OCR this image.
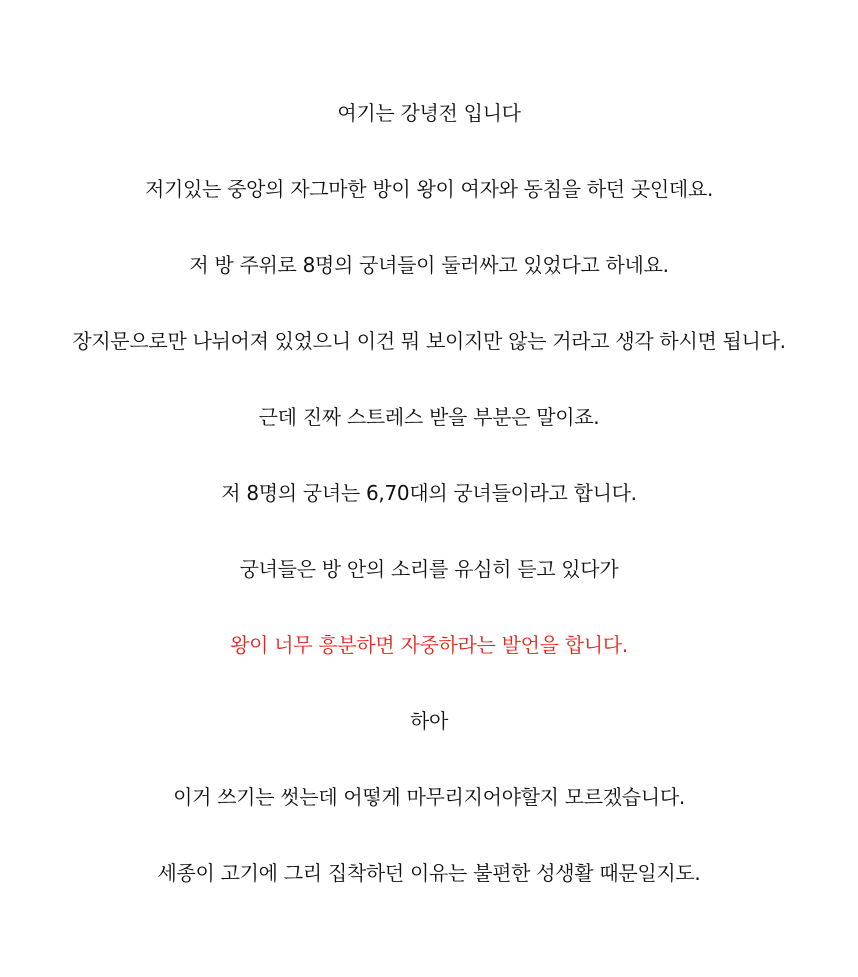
여기는 강녕전 입니다
저기있는 중앙의 자그마한 방이 왕이 여자와 동침을 하던 곳인데요.
저 방 주위로 8명의 궁녀들이 둘러싸고 있었다고 하네요.
장지문으로만 나뉘어져 있었으니 이건 뭐 보이지만 않는 거라고 생각 하시면 됩니다.
근데 진짜 스트레스 받을 부분은 말이죠.
저 8명의 궁녀는 6,70대의 궁녀들이라고 합니다.
궁녀들은 방 안의 소리를 유심히 듣고 있다가
왕이 너무 흥분하면 자중하라는 발언을 합니다.
하아
이거 쓰기는 썻는데 어떻게 마무리지어야할지 모르겠습니다.
세종이 고기에 그리 집착하던 이유는 불편한 성생활 때문일지도.
